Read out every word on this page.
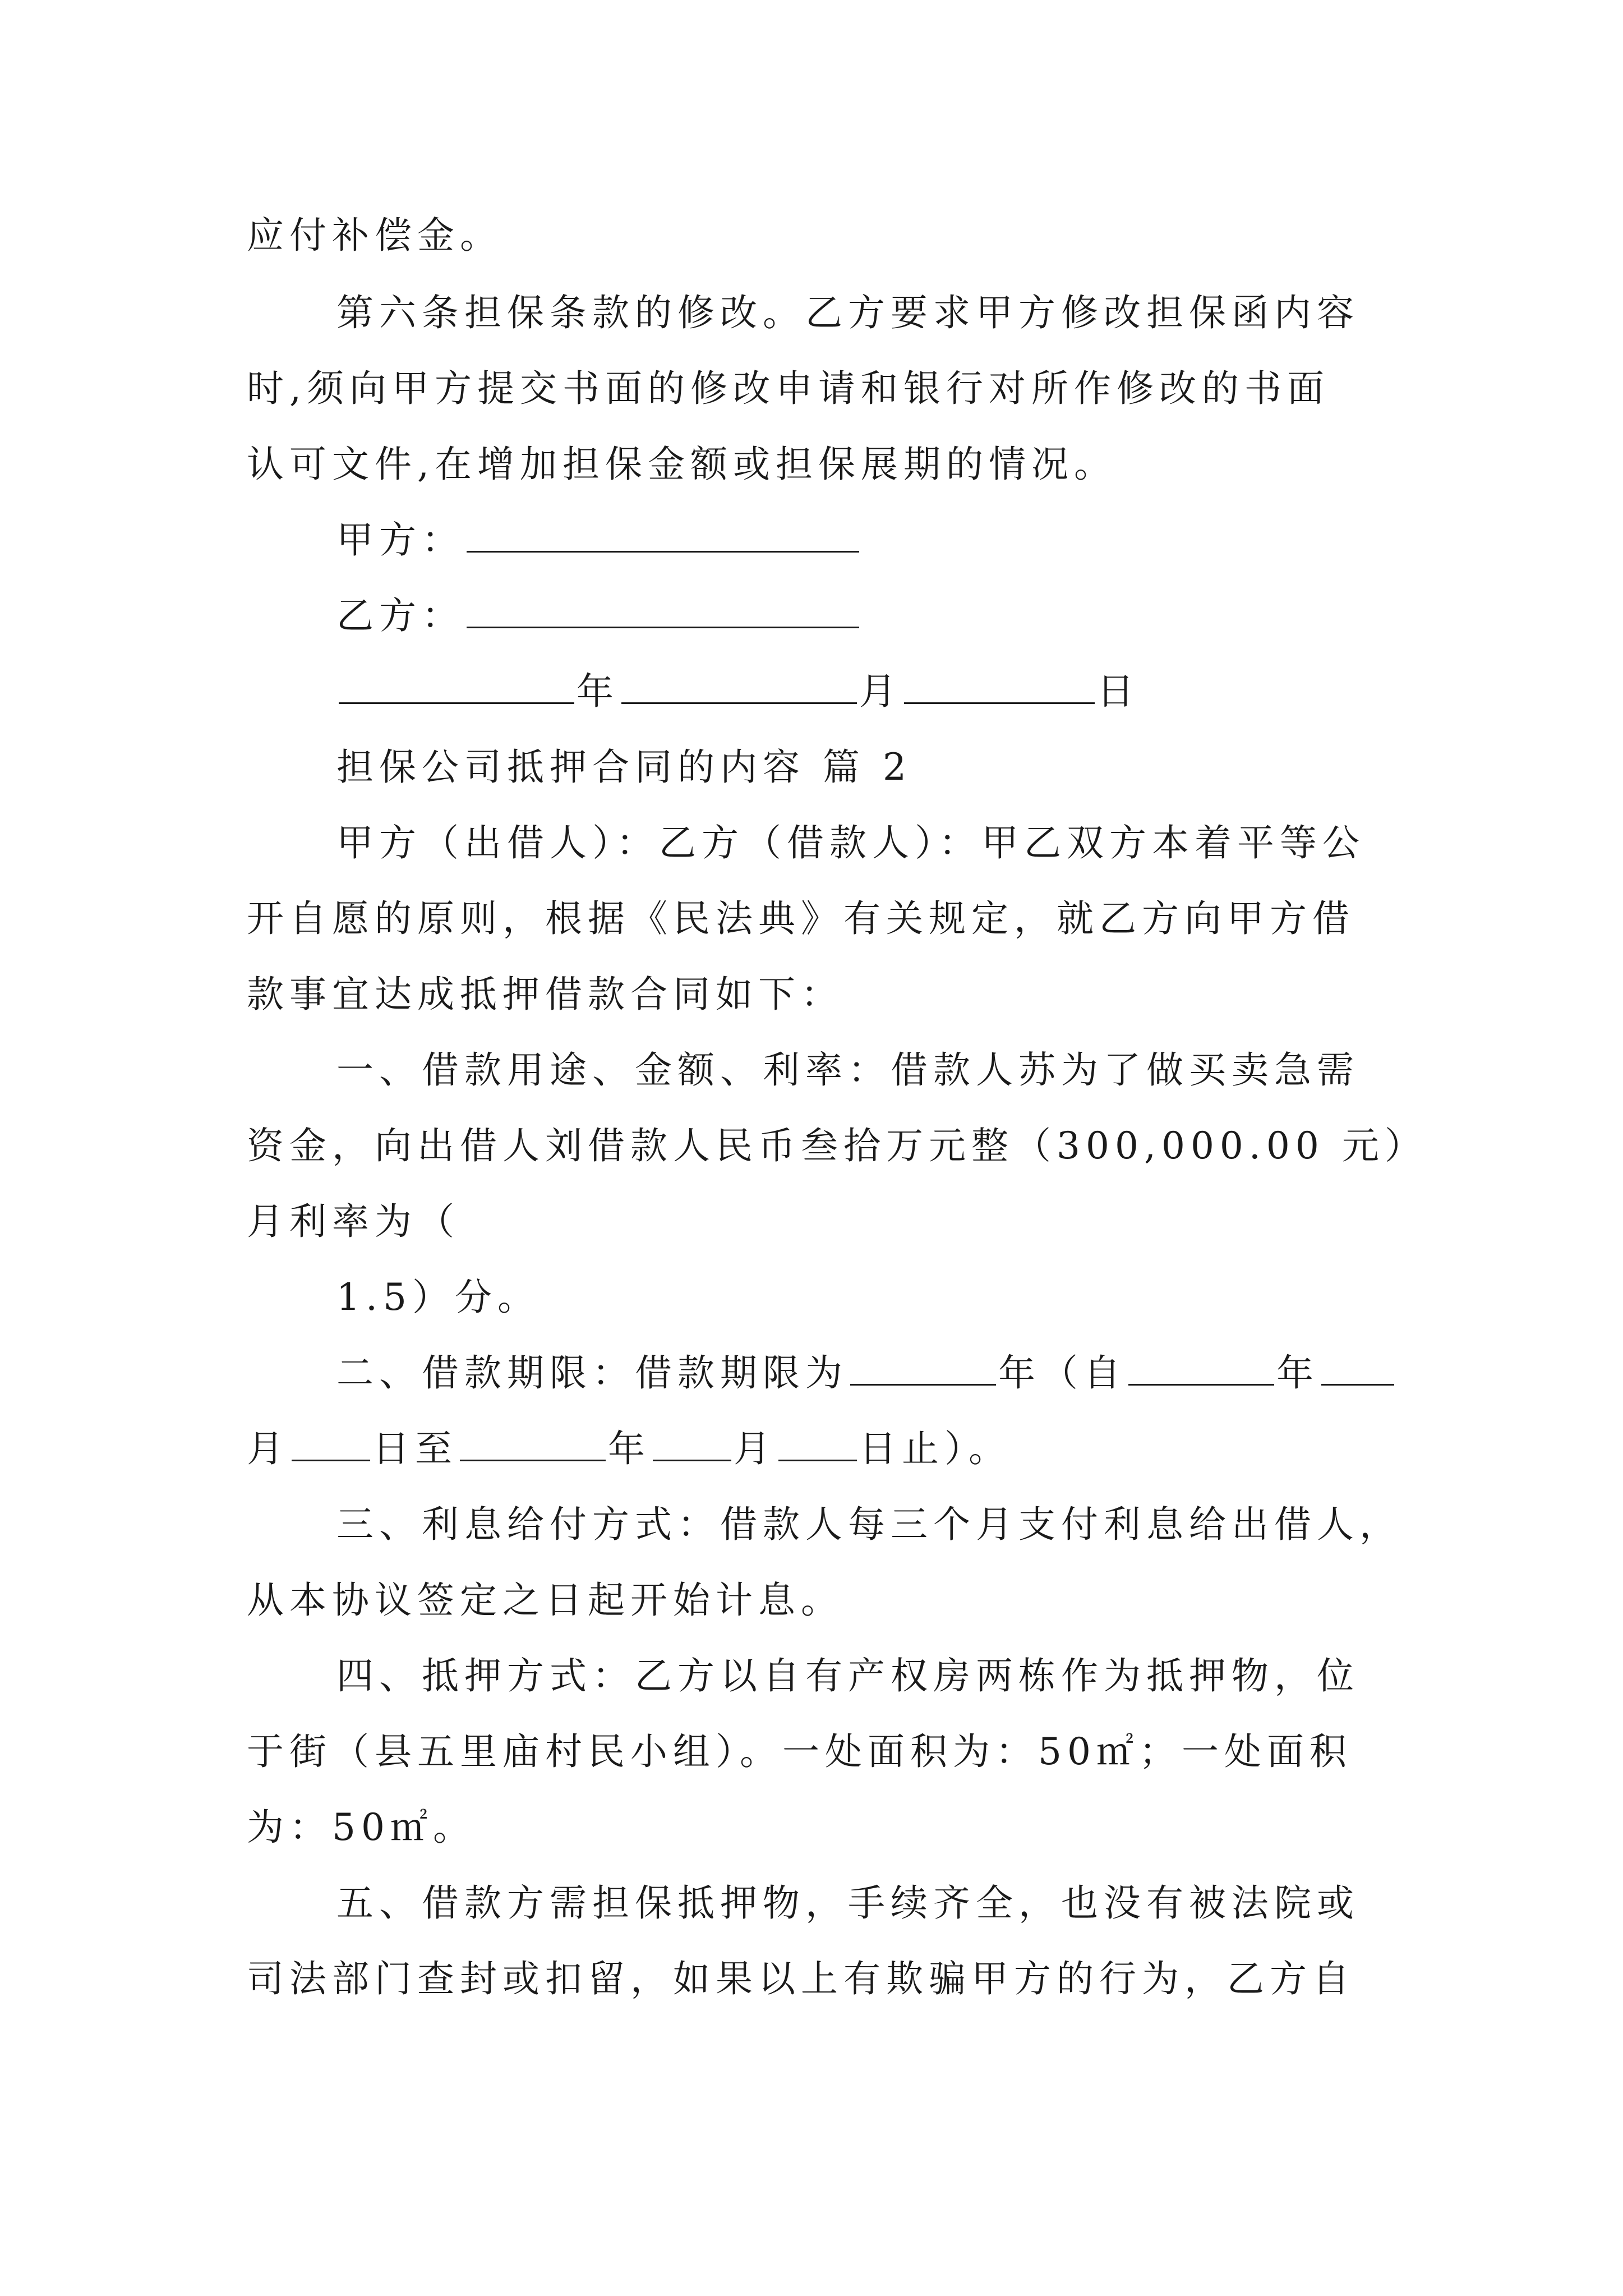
应付补偿金。
第六条担保条款的修改。乙方要求甲方修改担保函内容
时,须向甲方提交书面的修改申请和银行对所作修改的书面
认可文件,在增加担保金额或担保展期的情况。
甲方：
乙方：
年	月	日
担保公司抵押合同的内容 篇 2
甲方（出借人）：乙方（借款人）：甲乙双方本着平等公
开自愿的原则，根据《民法典》有关规定，就乙方向甲方借
款事宜达成抵押借款合同如下：
一、借款用途、金额、利率：借款人苏为了做买卖急需
资金，向出借人刘借款人民币叁拾万元整（300,000.00 元）
月利率为（
1.5）分。
二、借款期限：借款期限为	年（自	年
月 日至	年 月 日止）。
三、利息给付方式：借款人每三个月支付利息给出借人，
从本协议签定之日起开始计息。
四、抵押方式：乙方以自有产权房两栋作为抵押物，位
于街（县五里庙村民小组）。一处面积为：50㎡；一处面积
为：50㎡。
五、借款方需担保抵押物，手续齐全，也没有被法院或
司法部门查封或扣留，如果以上有欺骗甲方的行为，乙方自
